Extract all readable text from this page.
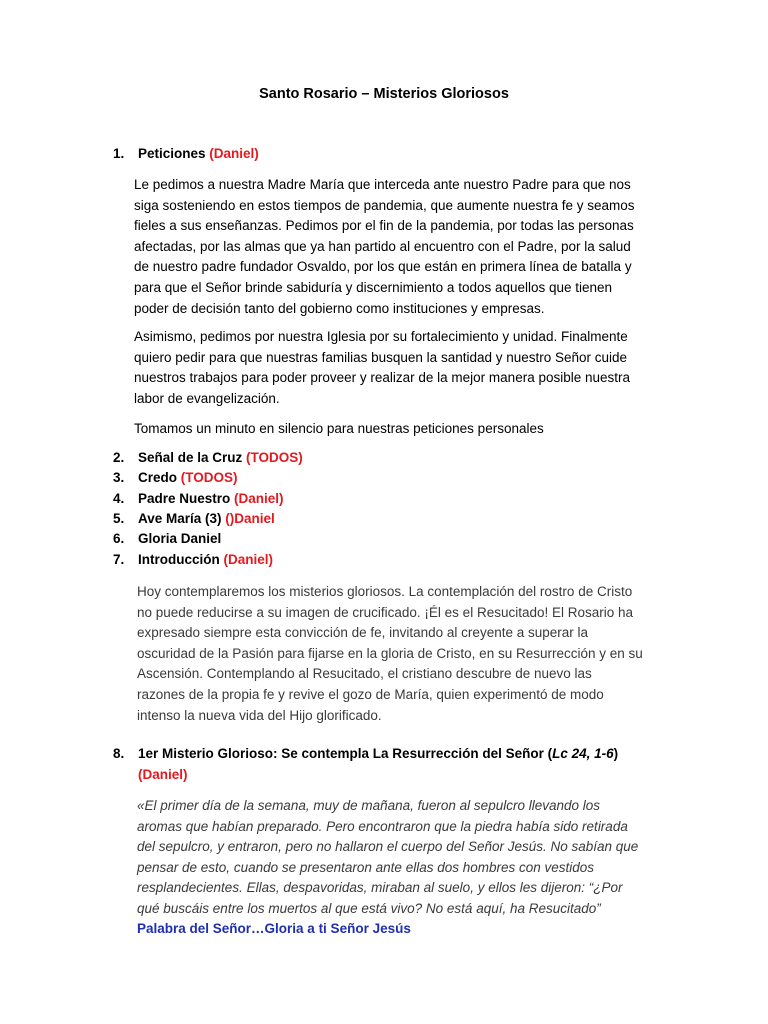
Santo Rosario – Misterios Gloriosos
1. Peticiones (Daniel)
Le pedimos a nuestra Madre María que interceda ante nuestro Padre para que nos
siga sosteniendo en estos tiempos de pandemia, que aumente nuestra fe y seamos
fieles a sus enseñanzas. Pedimos por el fin de la pandemia, por todas las personas
afectadas, por las almas que ya han partido al encuentro con el Padre, por la salud
de nuestro padre fundador Osvaldo, por los que están en primera línea de batalla y
para que el Señor brinde sabiduría y discernimiento a todos aquellos que tienen
poder de decisión tanto del gobierno como instituciones y empresas.
Asimismo, pedimos por nuestra Iglesia por su fortalecimiento y unidad. Finalmente
quiero pedir para que nuestras familias busquen la santidad y nuestro Señor cuide
nuestros trabajos para poder proveer y realizar de la mejor manera posible nuestra
labor de evangelización.
Tomamos un minuto en silencio para nuestras peticiones personales
2. Señal de la Cruz (TODOS)
3. Credo (TODOS)
4. Padre Nuestro (Daniel)
5. Ave María (3) ()Daniel
6. Gloria Daniel
7. Introducción (Daniel)
Hoy contemplaremos los misterios gloriosos. La contemplación del rostro de Cristo
no puede reducirse a su imagen de crucificado. ¡Él es el Resucitado! El Rosario ha
expresado siempre esta convicción de fe, invitando al creyente a superar la
oscuridad de la Pasión para fijarse en la gloria de Cristo, en su Resurrección y en su
Ascensión. Contemplando al Resucitado, el cristiano descubre de nuevo las
razones de la propia fe y revive el gozo de María, quien experimentó de modo
intenso la nueva vida del Hijo glorificado.
8. 1er Misterio Glorioso: Se contempla La Resurrección del Señor (Lc 24, 1-6)
(Daniel)
«El primer día de la semana, muy de mañana, fueron al sepulcro llevando los
aromas que habían preparado. Pero encontraron que la piedra había sido retirada
del sepulcro, y entraron, pero no hallaron el cuerpo del Señor Jesús. No sabían que
pensar de esto, cuando se presentaron ante ellas dos hombres con vestidos
resplandecientes. Ellas, despavoridas, miraban al suelo, y ellos les dijeron: “¿Por
qué buscáis entre los muertos al que está vivo? No está aquí, ha Resucitado”
Palabra del Señor…Gloria a ti Señor Jesús
